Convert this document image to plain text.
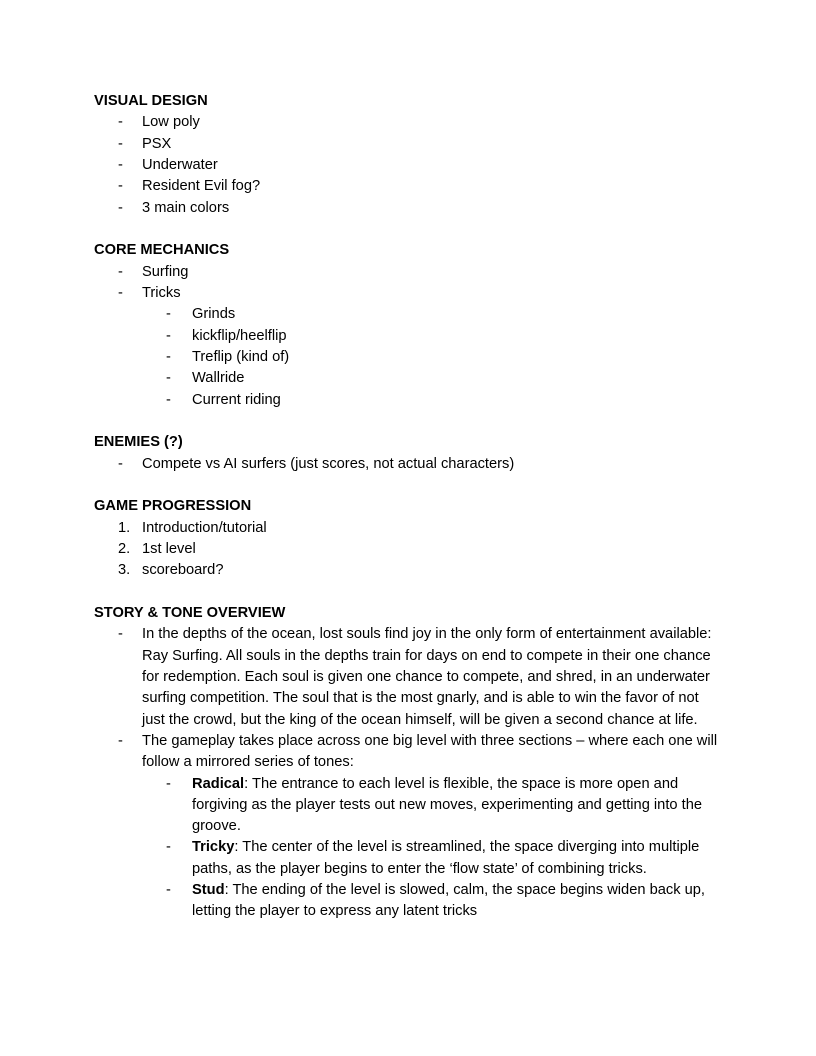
VISUAL DESIGN
- Low poly
- PSX
- Underwater
- Resident Evil fog?
- 3 main colors
CORE MECHANICS
- Surfing
- Tricks
- Grinds
- kickflip/heelflip
- Treflip (kind of)
- Wallride
- Current riding
ENEMIES (?)
- Compete vs AI surfers (just scores, not actual characters)
GAME PROGRESSION
1. Introduction/tutorial
2. 1st level
3. scoreboard?
STORY & TONE OVERVIEW
- In the depths of the ocean, lost souls find joy in the only form of entertainment available: Ray Surfing. All souls in the depths train for days on end to compete in their one chance for redemption. Each soul is given one chance to compete, and shred, in an underwater surfing competition. The soul that is the most gnarly, and is able to win the favor of not just the crowd, but the king of the ocean himself, will be given a second chance at life.
- The gameplay takes place across one big level with three sections – where each one will follow a mirrored series of tones:
- Radical: The entrance to each level is flexible, the space is more open and forgiving as the player tests out new moves, experimenting and getting into the groove.
- Tricky: The center of the level is streamlined, the space diverging into multiple paths, as the player begins to enter the ‘flow state’ of combining tricks.
- Stud: The ending of the level is slowed, calm, the space begins widen back up, letting the player to express any latent tricks
